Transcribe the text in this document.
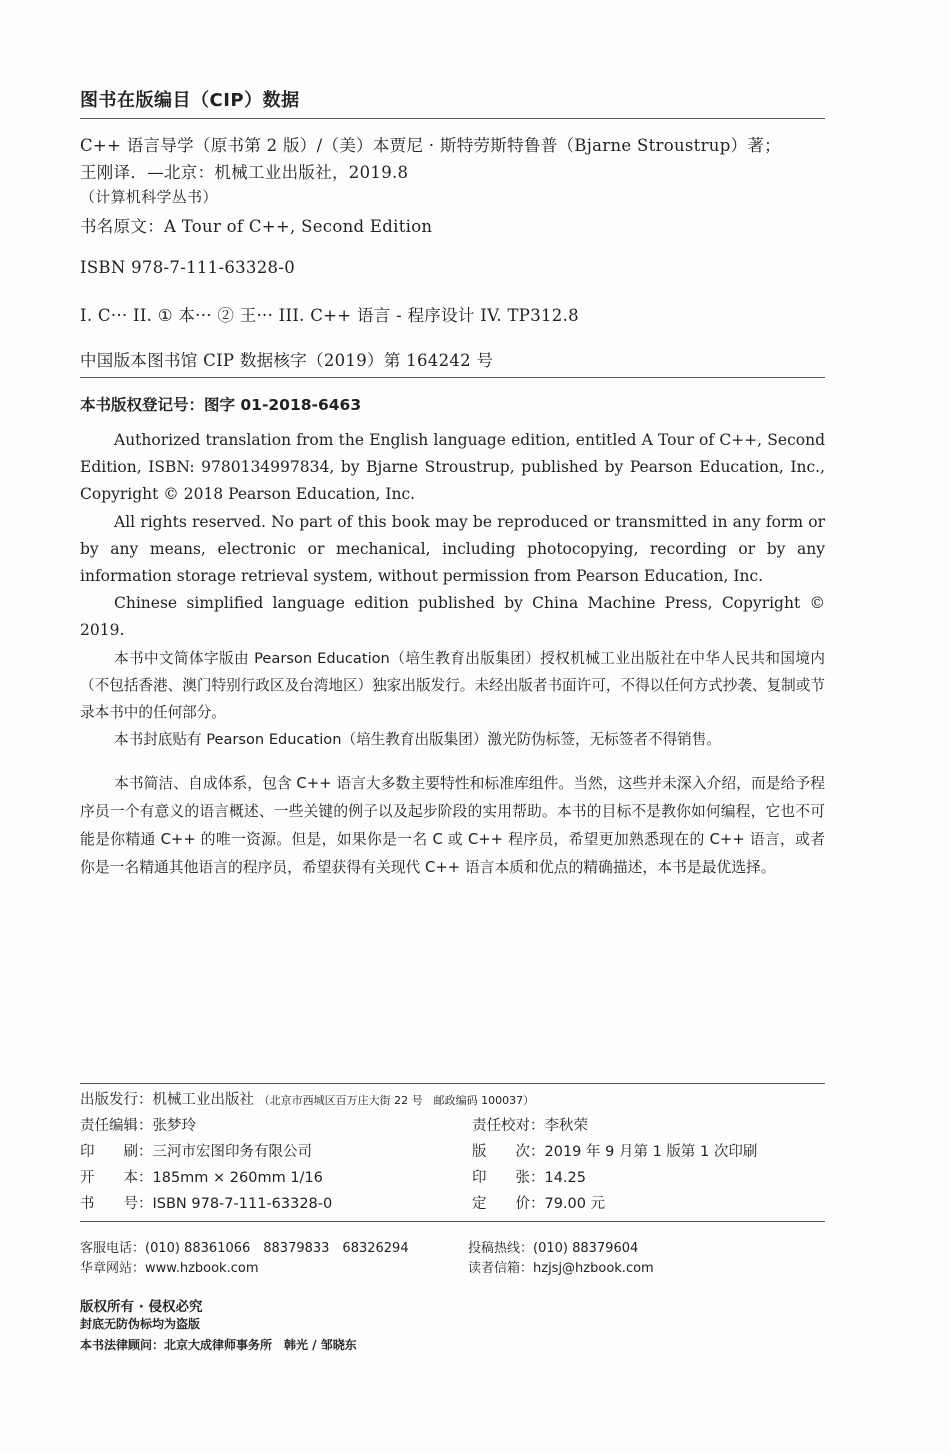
图书在版编目（CIP）数据
C++ 语言导学（原书第 2 版）/（美）本贾尼 · 斯特劳斯特鲁普（Bjarne Stroustrup）著；
王刚译．—北京：机械工业出版社，2019.8
（计算机科学丛书）
书名原文：A Tour of C++, Second Edition
ISBN 978-7-111-63328-0
I. C··· II. ① 本··· ② 王··· III. C++ 语言 - 程序设计 IV. TP312.8
中国版本图书馆 CIP 数据核字（2019）第 164242 号
本书版权登记号：图字 01-2018-6463

Authorized translation from the English language edition, entitled A Tour of C++, Second Edition, ISBN: 9780134997834, by Bjarne Stroustrup, published by Pearson Education, Inc., Copyright © 2018 Pearson Education, Inc.

All rights reserved. No part of this book may be reproduced or transmitted in any form or by any means, electronic or mechanical, including photocopying, recording or by any information storage retrieval system, without permission from Pearson Education, Inc.

Chinese simplified language edition published by China Machine Press, Copyright © 2019.

本书中文简体字版由 Pearson Education（培生教育出版集团）授权机械工业出版社在中华人民共和国境内（不包括香港、澳门特别行政区及台湾地区）独家出版发行。未经出版者书面许可，不得以任何方式抄袭、复制或节录本书中的任何部分。

本书封底贴有 Pearson Education（培生教育出版集团）激光防伪标签，无标签者不得销售。

本书简洁、自成体系，包含 C++ 语言大多数主要特性和标准库组件。当然，这些并未深入介绍，而是给予程序员一个有意义的语言概述、一些关键的例子以及起步阶段的实用帮助。本书的目标不是教你如何编程，它也不可能是你精通 C++ 的唯一资源。但是，如果你是一名 C 或 C++ 程序员，希望更加熟悉现在的 C++ 语言，或者你是一名精通其他语言的程序员，希望获得有关现代 C++ 语言本质和优点的精确描述，本书是最优选择。

出版发行：机械工业出版社 （北京市西城区百万庄大街 22 号　邮政编码 100037）
责任编辑：张梦玲	责任校对：李秋荣
印　　刷：三河市宏图印务有限公司	版　　次：2019 年 9 月第 1 版第 1 次印刷
开　　本：185mm × 260mm 1/16	印　　张：14.25
书　　号：ISBN 978-7-111-63328-0	定　　价：79.00 元
客服电话：(010) 88361066　88379833　68326294	投稿热线：(010) 88379604
华章网站：www.hzbook.com	读者信箱：hzjsj@hzbook.com
版权所有 · 侵权必究
封底无防伪标均为盗版
本书法律顾问：北京大成律师事务所　韩光 / 邹晓东
